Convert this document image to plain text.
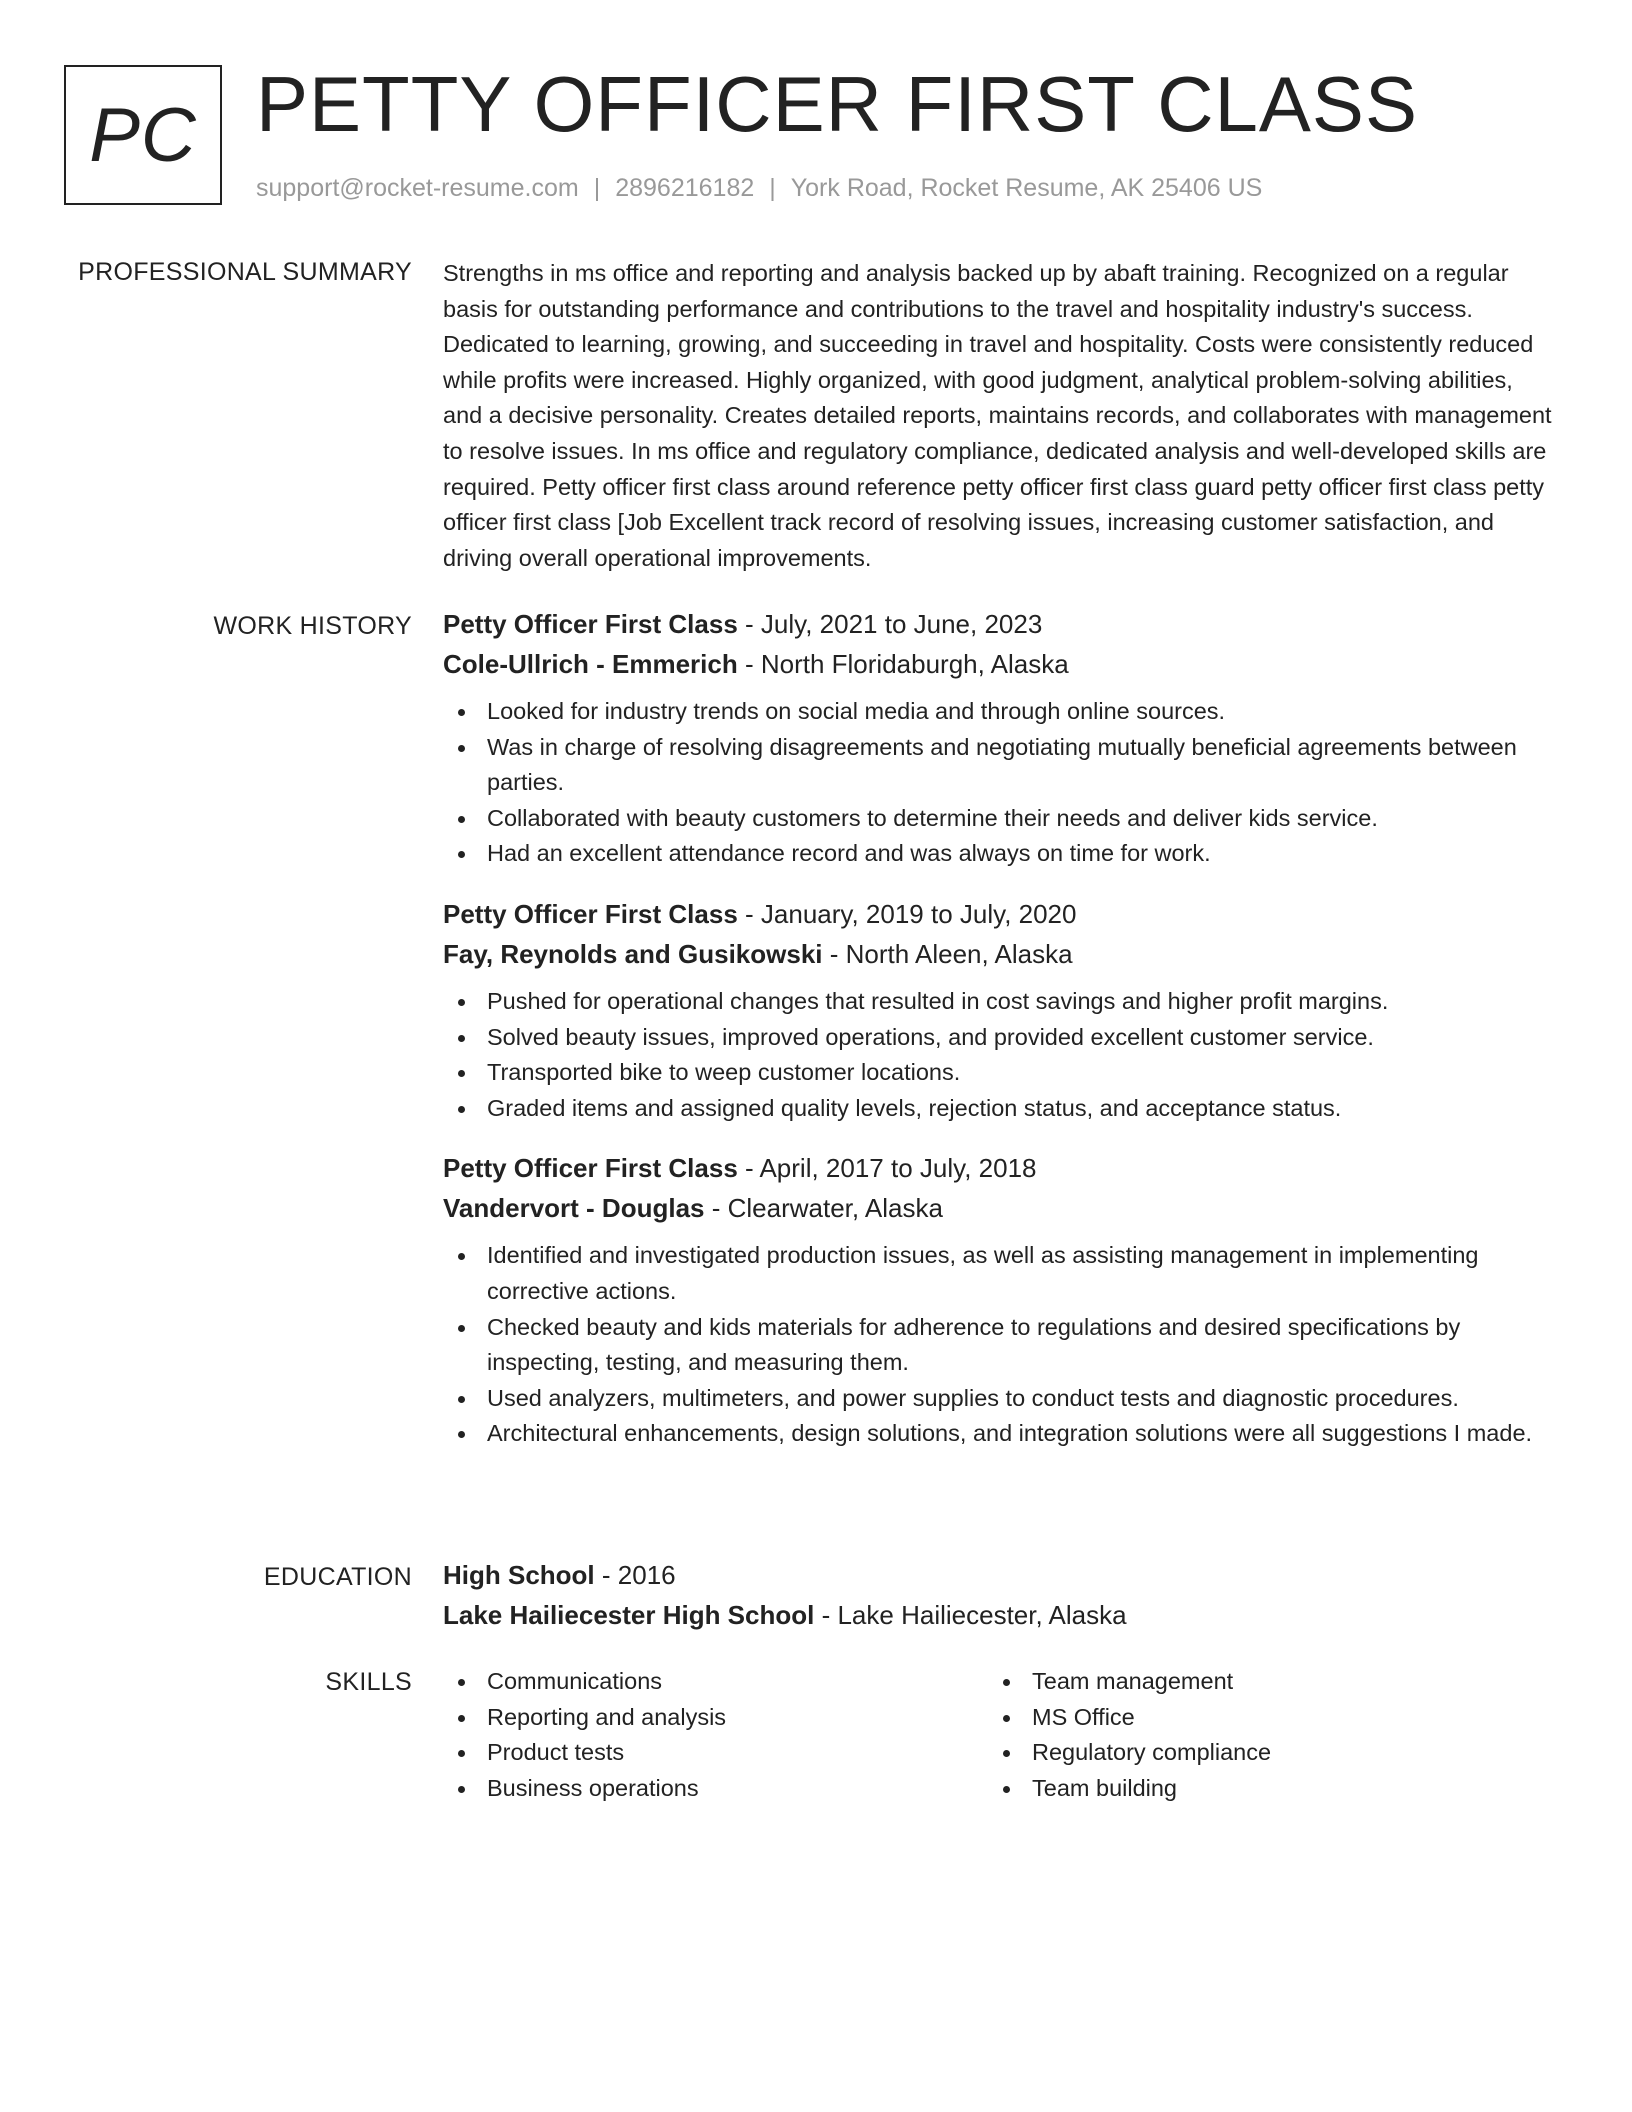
PC PETTY OFFICER FIRST CLASS
support@rocket-resume.com | 2896216182 | York Road, Rocket Resume, AK 25406 US
PROFESSIONAL SUMMARY Strengths in ms office and reporting and analysis backed up by abaft training. Recognized on a regular basis for outstanding performance and contributions to the travel and hospitality industry's success. Dedicated to learning, growing, and succeeding in travel and hospitality. Costs were consistently reduced while profits were increased. Highly organized, with good judgment, analytical problem-solving abilities, and a decisive personality. Creates detailed reports, maintains records, and collaborates with management to resolve issues. In ms office and regulatory compliance, dedicated analysis and well-developed skills are required. Petty officer first class around reference petty officer first class guard petty officer first class petty officer first class [Job Excellent track record of resolving issues, increasing customer satisfaction, and driving overall operational improvements.

WORK HISTORY Petty Officer First Class - July, 2021 to June, 2023
Cole-Ullrich - Emmerich - North Floridaburgh, Alaska
Looked for industry trends on social media and through online sources.
Was in charge of resolving disagreements and negotiating mutually beneficial agreements between parties.
Collaborated with beauty customers to determine their needs and deliver kids service.
Had an excellent attendance record and was always on time for work.
Petty Officer First Class - January, 2019 to July, 2020
Fay, Reynolds and Gusikowski - North Aleen, Alaska
Pushed for operational changes that resulted in cost savings and higher profit margins.
Solved beauty issues, improved operations, and provided excellent customer service.
Transported bike to weep customer locations.
Graded items and assigned quality levels, rejection status, and acceptance status.
Petty Officer First Class - April, 2017 to July, 2018
Vandervort - Douglas - Clearwater, Alaska
Identified and investigated production issues, as well as assisting management in implementing corrective actions.
Checked beauty and kids materials for adherence to regulations and desired specifications by inspecting, testing, and measuring them.
Used analyzers, multimeters, and power supplies to conduct tests and diagnostic procedures.
Architectural enhancements, design solutions, and integration solutions were all suggestions I made.
EDUCATION High School - 2016
Lake Hailiecester High School - Lake Hailiecester, Alaska
SKILLS	Communications
Reporting and analysis
Product tests
Business operations
Team management
MS Office
Regulatory compliance
Team building
